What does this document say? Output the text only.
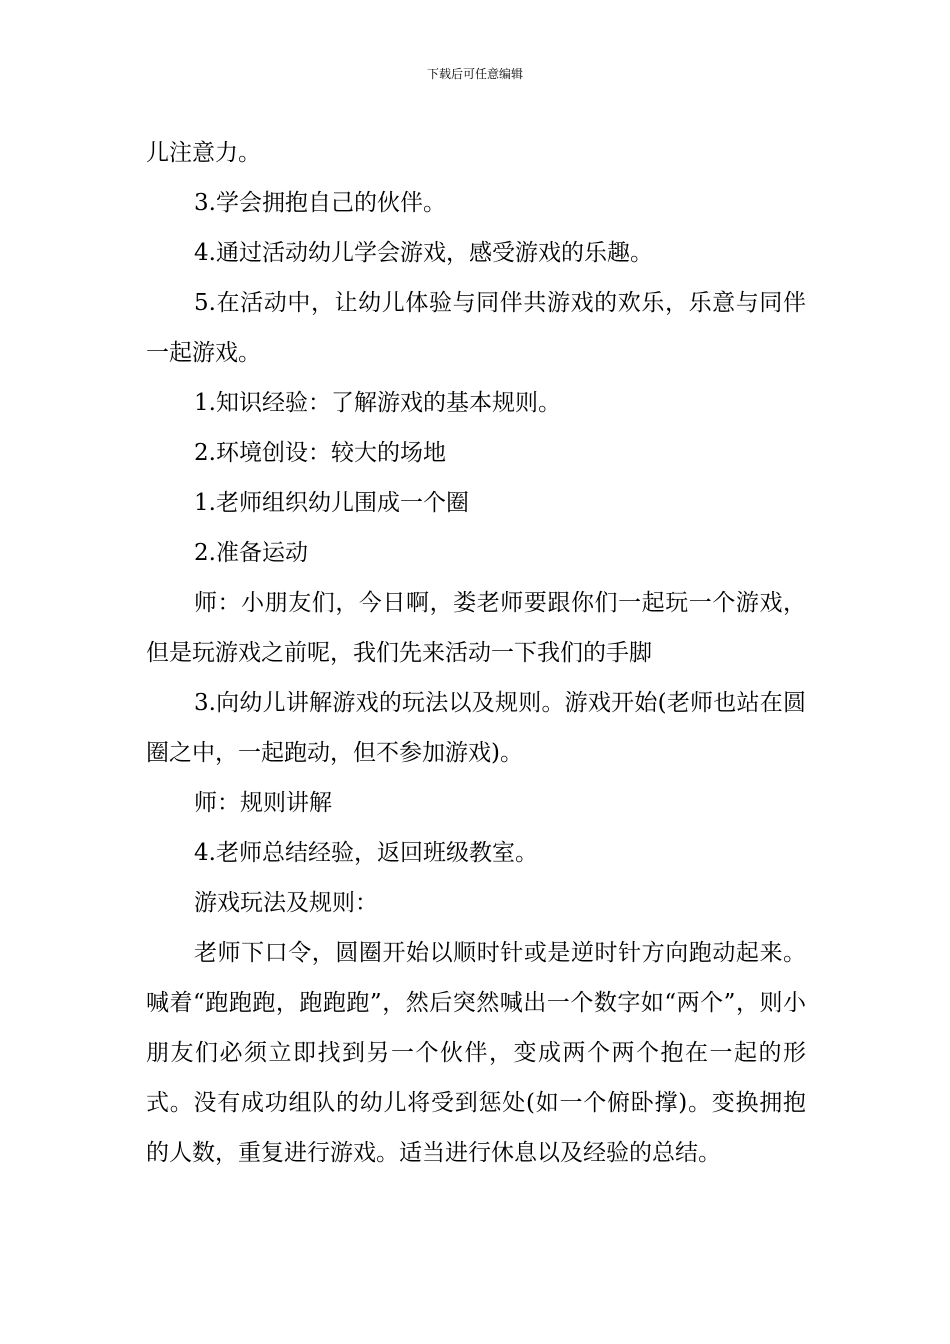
下载后可任意编辑

儿注意力。

3.学会拥抱自己的伙伴。

4.通过活动幼儿学会游戏，感受游戏的乐趣。

5.在活动中，让幼儿体验与同伴共游戏的欢乐，乐意与同伴一起游戏。

1.知识经验：了解游戏的基本规则。

2.环境创设：较大的场地

1.老师组织幼儿围成一个圈

2.准备运动

师：小朋友们，今日啊，娄老师要跟你们一起玩一个游戏，但是玩游戏之前呢，我们先来活动一下我们的手脚

3.向幼儿讲解游戏的玩法以及规则。游戏开始(老师也站在圆圈之中，一起跑动，但不参加游戏)。

师：规则讲解

4.老师总结经验，返回班级教室。

游戏玩法及规则：

老师下口令，圆圈开始以顺时针或是逆时针方向跑动起来。喊着“跑跑跑，跑跑跑”，然后突然喊出一个数字如“两个”，则小朋友们必须立即找到另一个伙伴，变成两个两个抱在一起的形式。没有成功组队的幼儿将受到惩处(如一个俯卧撑)。变换拥抱的人数，重复进行游戏。适当进行休息以及经验的总结。
